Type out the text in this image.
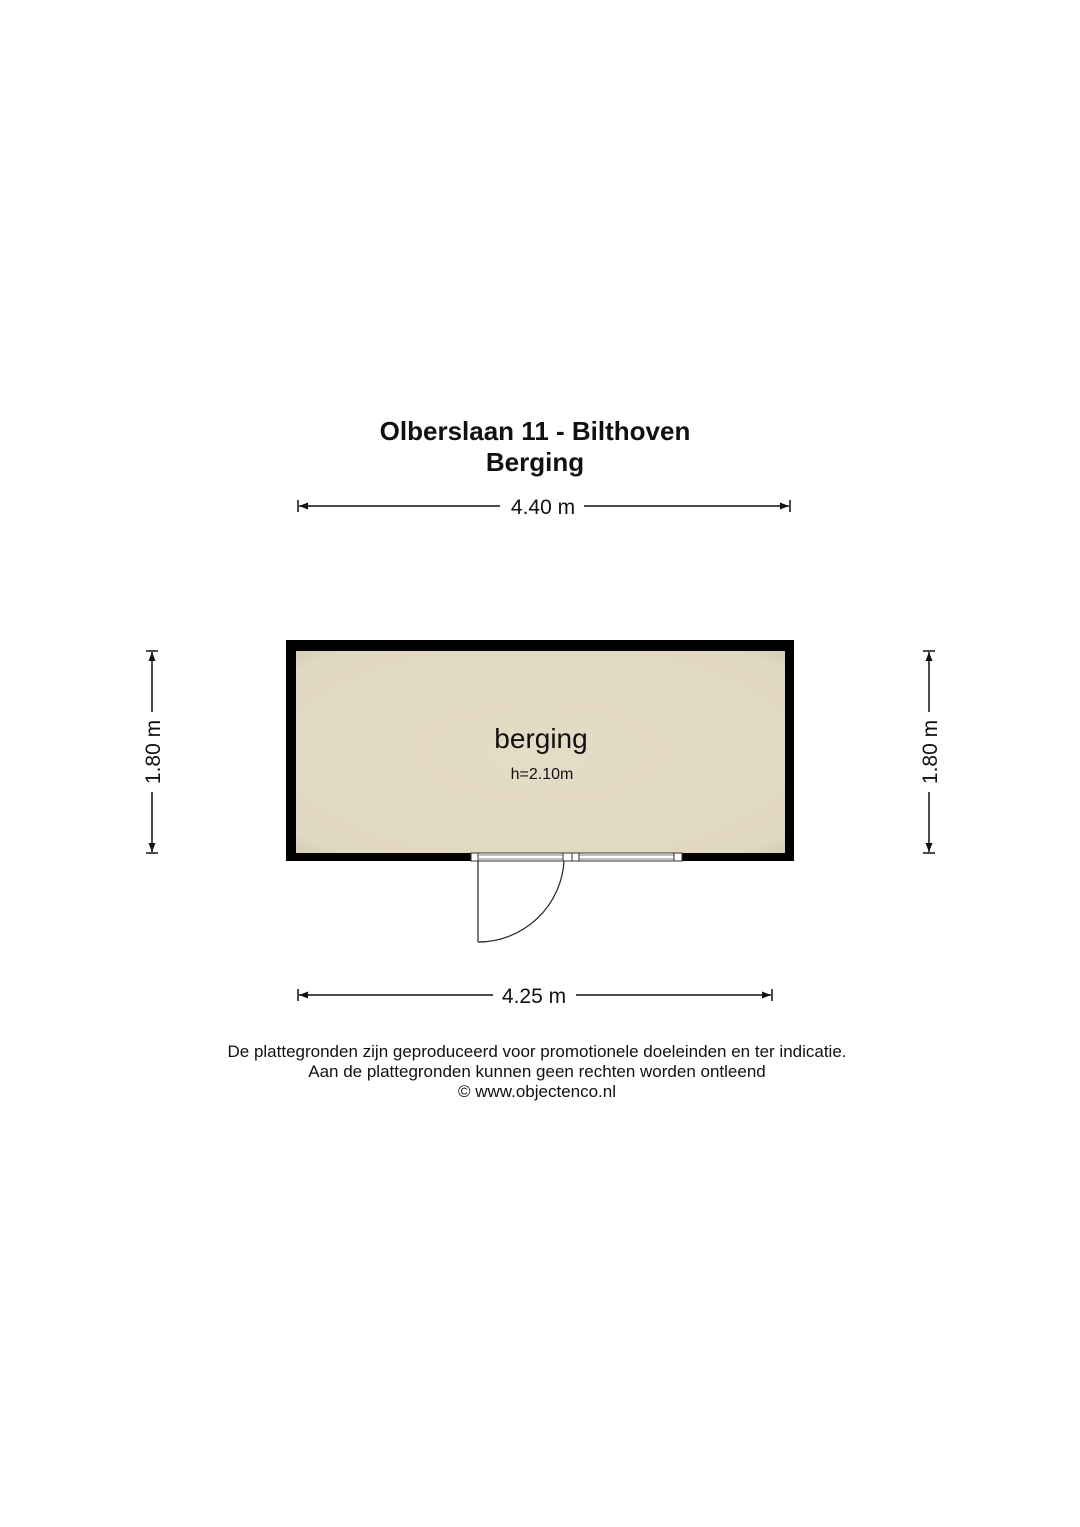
Olberslaan 11 - Bilthoven
Berging
4.40 m
1.80 m	1.80 m
berging
h=2.10m
4.25 m
De plattegronden zijn geproduceerd voor promotionele doeleinden en ter indicatie.
Aan de plattegronden kunnen geen rechten worden ontleend
© www.objectenco.nl
